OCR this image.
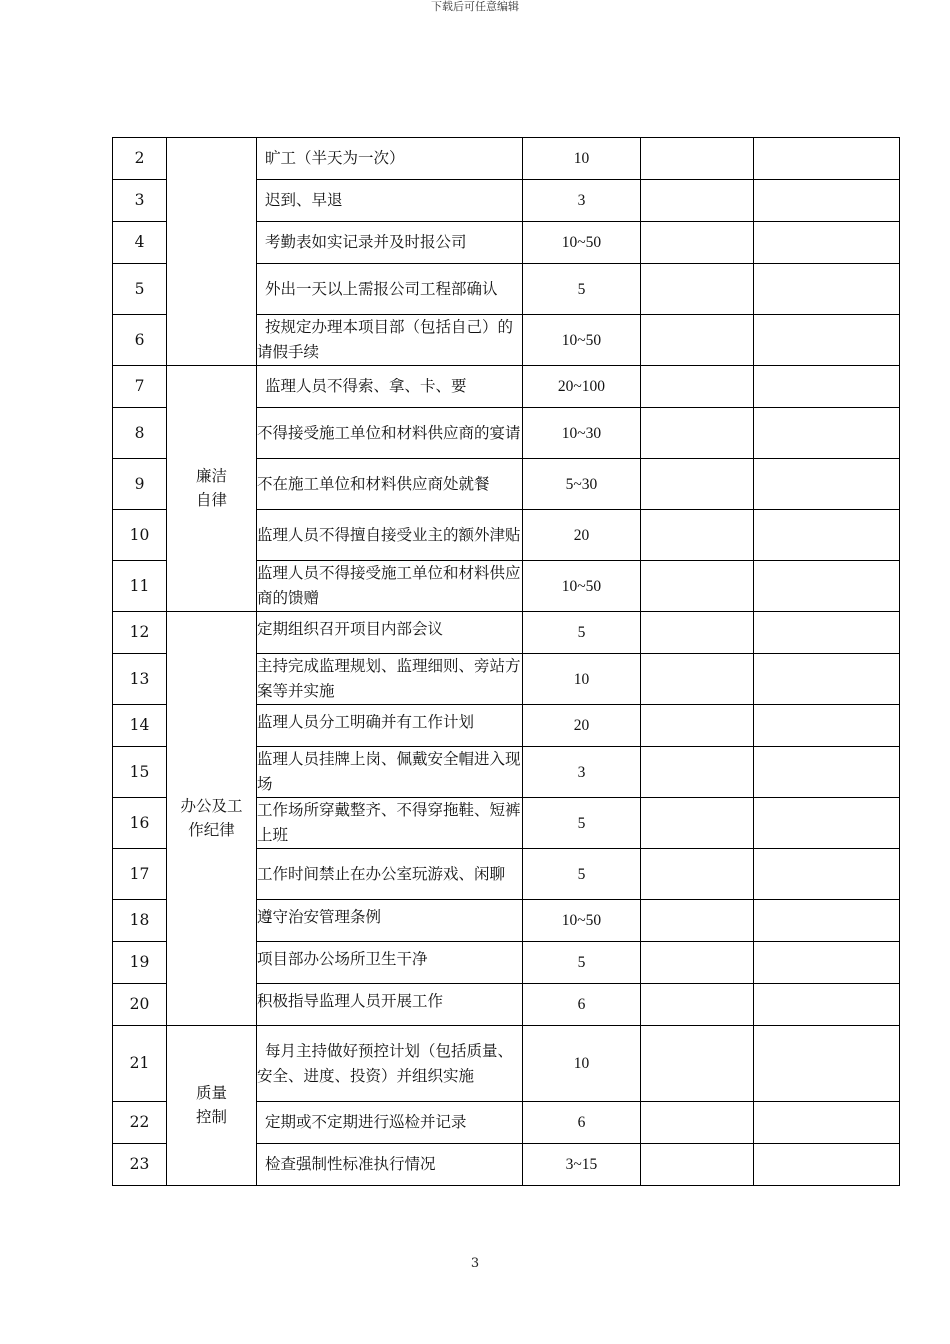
下载后可任意编辑
2		旷工（半天为一次）	10		
3		迟到、早退	3		
4		考勤表如实记录并及时报公司	10~50		
5		外出一天以上需报公司工程部确认	5		
6		按规定办理本项目部（包括自己）的请假手续	10~50		
7	廉洁自律	监理人员不得索、拿、卡、要	20~100		
8		不得接受施工单位和材料供应商的宴请	10~30		
9		不在施工单位和材料供应商处就餐	5~30		
10		监理人员不得擅自接受业主的额外津贴	20		
11		监理人员不得接受施工单位和材料供应商的馈赠	10~50		
12	办公及工作纪律	定期组织召开项目内部会议	5		
13		主持完成监理规划、监理细则、旁站方案等并实施	10		
14		监理人员分工明确并有工作计划	20		
15		监理人员挂牌上岗、佩戴安全帽进入现场	3		
16		工作场所穿戴整齐、不得穿拖鞋、短裤上班	5		
17		工作时间禁止在办公室玩游戏、闲聊	5		
18		遵守治安管理条例	10~50		
19		项目部办公场所卫生干净	5		
20		积极指导监理人员开展工作	6		
21	质量控制	每月主持做好预控计划（包括质量、安全、进度、投资）并组织实施	10		
22		定期或不定期进行巡检并记录	6		
23		检查强制性标准执行情况	3~15		
3
